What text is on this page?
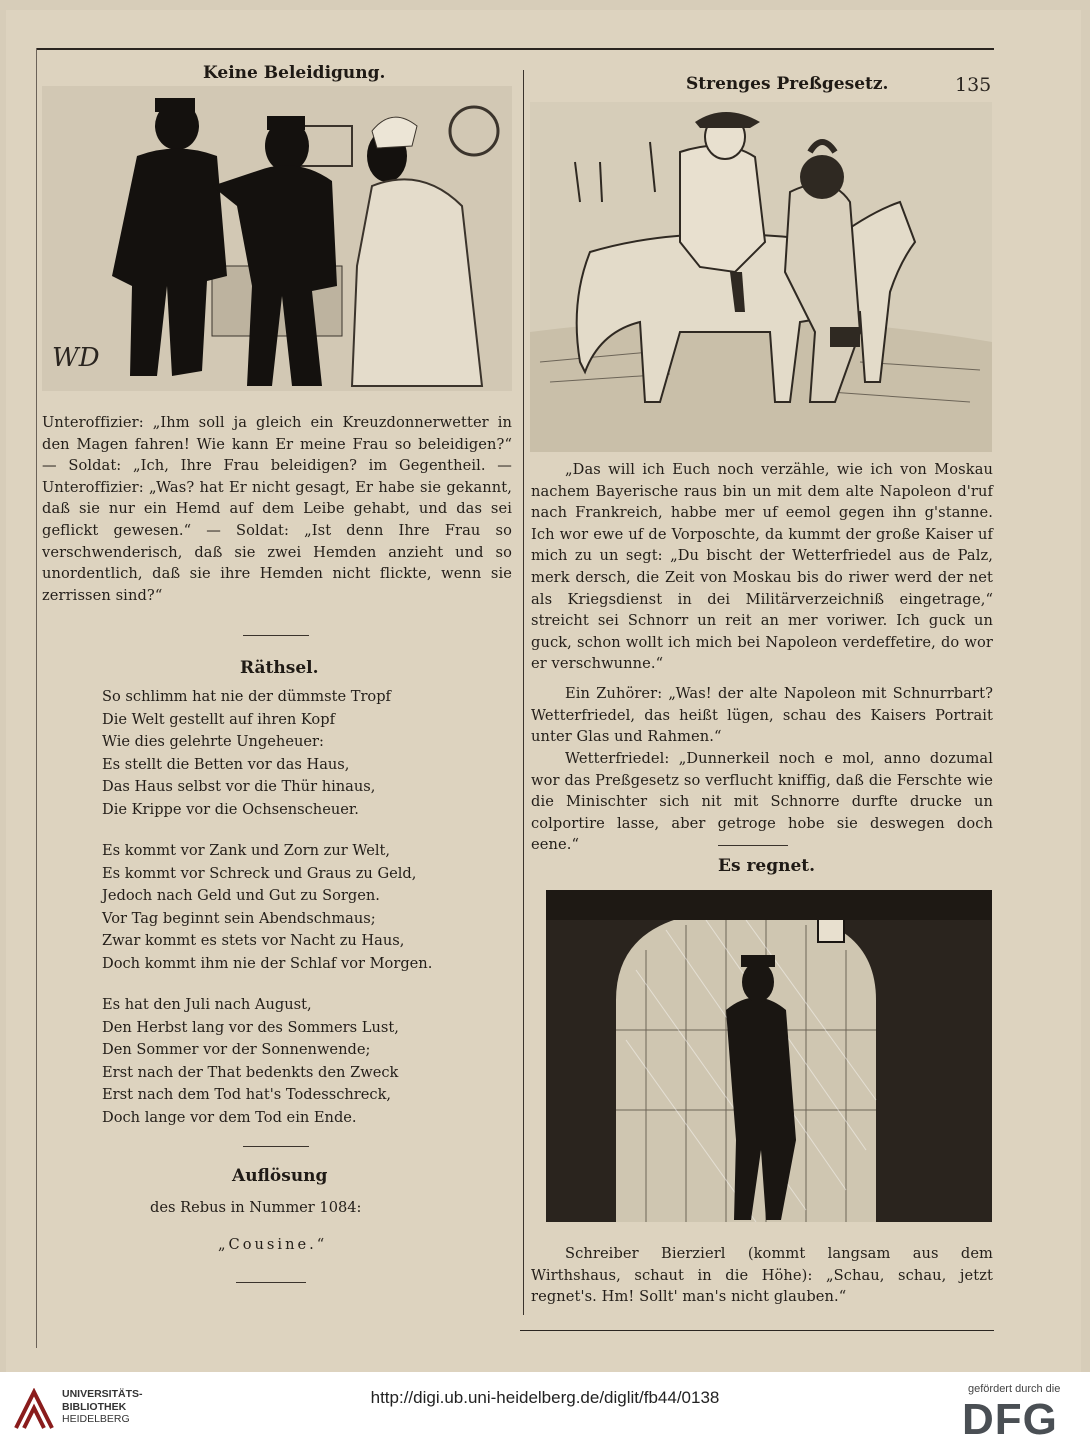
Keine Beleidigung.
WD

Unteroffizier: „Ihm soll ja gleich ein Kreuzdonnerwetter in den Magen fahren! Wie kann Er meine Frau so beleidigen?“ — Soldat: „Ich, Ihre Frau beleidigen? im Gegentheil. — Unteroffizier: „Was? hat Er nicht gesagt, Er habe sie gekannt, daß sie nur ein Hemd auf dem Leibe gehabt, und das sei geflickt gewesen.“ — Soldat: „Ist denn Ihre Frau so verschwenderisch, daß sie zwei Hemden anzieht und so unordentlich, daß sie ihre Hemden nicht flickte, wenn sie zerrissen sind?“

Räthsel.
So schlimm hat nie der dümmste Tropf
Die Welt gestellt auf ihren Kopf
Wie dies gelehrte Ungeheuer:
Es stellt die Betten vor das Haus,
Das Haus selbst vor die Thür hinaus,
Die Krippe vor die Ochsenscheuer.
Es kommt vor Zank und Zorn zur Welt,
Es kommt vor Schreck und Graus zu Geld,
Jedoch nach Geld und Gut zu Sorgen.
Vor Tag beginnt sein Abendschmaus;
Zwar kommt es stets vor Nacht zu Haus,
Doch kommt ihm nie der Schlaf vor Morgen.
Es hat den Juli nach August,
Den Herbst lang vor des Sommers Lust,
Den Sommer vor der Sonnenwende;
Erst nach der That bedenkts den Zweck
Erst nach dem Tod hat's Todesschreck,
Doch lange vor dem Tod ein Ende.
Auflösung
des Rebus in Nummer 1084:
„Cousine.“
Strenges Preßgesetz.	135

„Das will ich Euch noch verzähle, wie ich von Moskau nachem Bayerische raus bin un mit dem alte Napoleon d'ruf nach Frankreich, habbe mer uf eemol gegen ihn g'stanne. Ich wor ewe uf de Vorposchte, da kummt der große Kaiser uf mich zu un segt: „Du bischt der Wetterfriedel aus de Palz, merk dersch, die Zeit von Moskau bis do riwer werd der net als Kriegsdienst in dei Militärverzeichniß eingetrage,“ streicht sei Schnorr un reit an mer voriwer. Ich guck un guck, schon wollt ich mich bei Napoleon verdeffetire, do wor er verschwunne.“

Ein Zuhörer: „Was! der alte Napoleon mit Schnurrbart? Wetterfriedel, das heißt lügen, schau des Kaisers Portrait unter Glas und Rahmen.“

Wetterfriedel: „Dunnerkeil noch e mol, anno dozumal wor das Preßgesetz so verflucht kniffig, daß die Ferschte wie die Minischter sich nit mit Schnorre durfte drucke un colportire lasse, aber getroge hobe sie deswegen doch eene.“

Es regnet.

Schreiber Bierzierl (kommt langsam aus dem Wirthshaus, schaut in die Höhe): „Schau, schau, jetzt regnet's. Hm! Sollt' man's nicht glauben.“

UNIVERSITÄTS-
BIBLIOTHEK
HEIDELBERG
http://digi.ub.uni-heidelberg.de/diglit/fb44/0138	gefördert durch die
DFG
